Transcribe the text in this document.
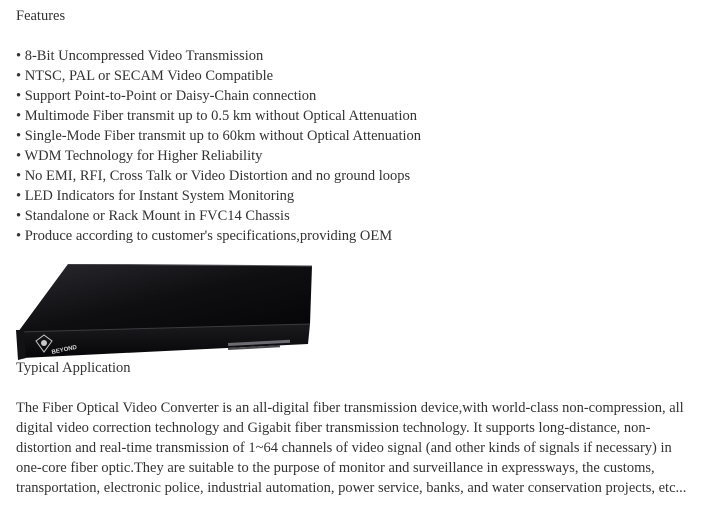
Features
• 8-Bit Uncompressed Video Transmission
• NTSC, PAL or SECAM Video Compatible
• Support Point-to-Point or Daisy-Chain connection
• Multimode Fiber transmit up to 0.5 km without Optical Attenuation
• Single-Mode Fiber transmit up to 60km without Optical Attenuation
• WDM Technology for Higher Reliability
• No EMI, RFI, Cross Talk or Video Distortion and no ground loops
• LED Indicators for Instant System Monitoring
• Standalone or Rack Mount in FVC14 Chassis
• Produce according to customer's specifications,providing OEM
BEYOND
Typical Application
The Fiber Optical Video Converter is an all-digital fiber transmission device,with world-class non-compression, all digital video correction technology and Gigabit fiber transmission technology. It supports long-distance, non-distortion and real-time transmission of 1~64 channels of video signal (and other kinds of signals if necessary) in one-core fiber optic.They are suitable to the purpose of monitor and surveillance in expressways, the customs, transportation, electronic police, industrial automation, power service, banks, and water conservation projects, etc...
